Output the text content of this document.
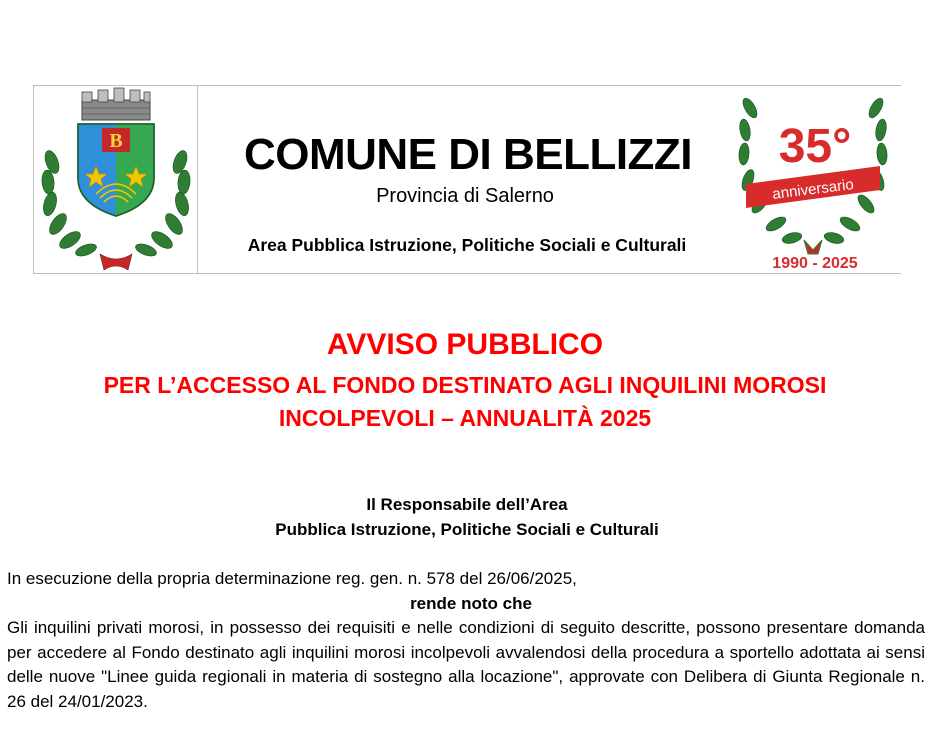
B	COMUNE DI BELLIZZI
Provincia di Salerno
Area Pubblica Istruzione, Politiche Sociali e Culturali
35°
anniversario
1990 - 2025
AVVISO PUBBLICO
PER L’ACCESSO AL FONDO DESTINATO AGLI INQUILINI MOROSI
INCOLPEVOLI – ANNUALITÀ 2025
Il Responsabile dell’Area
Pubblica Istruzione, Politiche Sociali e Culturali

In esecuzione della propria determinazione reg. gen. n. 578 del 26/06/2025,

rende noto che

Gli inquilini privati morosi, in possesso dei requisiti e nelle condizioni di seguito descritte, possono presentare domanda per accedere al Fondo destinato agli inquilini morosi incolpevoli avvalendosi della procedura a sportello adottata ai sensi delle nuove "Linee guida regionali in materia di sostegno alla locazione", approvate con Delibera di Giunta Regionale n. 26 del 24/01/2023.
